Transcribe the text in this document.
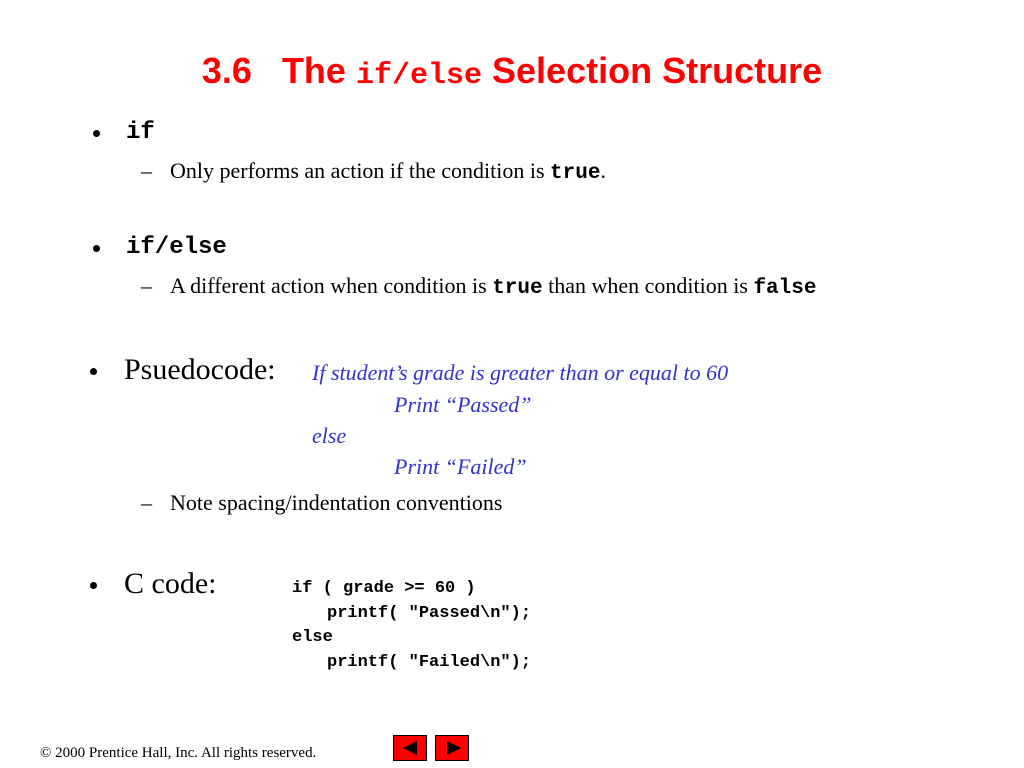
3.6 The if/else Selection Structure
if
– Only performs an action if the condition is true.
if/else
– A different action when condition is true than when condition is false
Psuedocode: If student’s grade is greater than or equal to 60
Print “Passed”
else
Print “Failed”
– Note spacing/indentation conventions
C code:	if ( grade >= 60 )
printf( "Passed\n");
else
printf( "Failed\n");
© 2000 Prentice Hall, Inc. All rights reserved.
